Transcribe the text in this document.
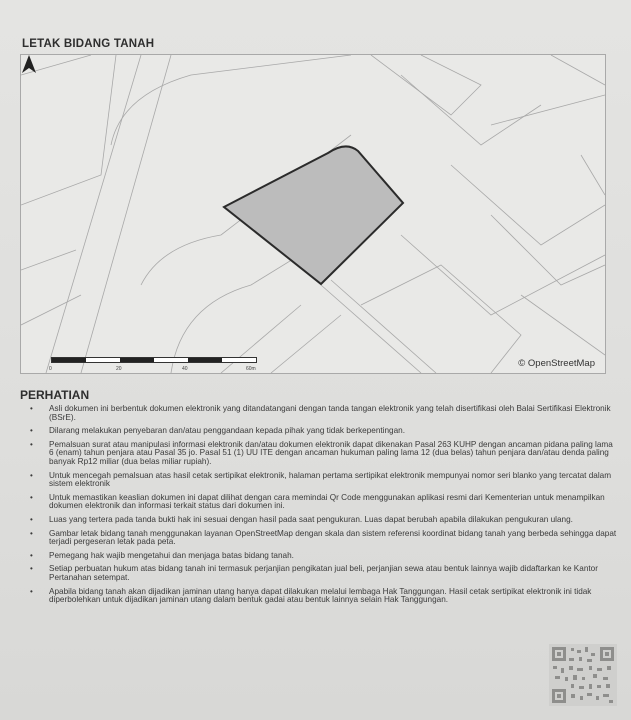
LETAK BIDANG TANAH
0	20	40	60m	© OpenStreetMap
PERHATIAN
• Asli dokumen ini berbentuk dokumen elektronik yang ditandatangani dengan tanda tangan elektronik yang telah disertifikasi oleh Balai Sertifikasi Elektronik (BSrE).
• Dilarang melakukan penyebaran dan/atau penggandaan kepada pihak yang tidak berkepentingan.
• Pemalsuan surat atau manipulasi informasi elektronik dan/atau dokumen elektronik dapat dikenakan Pasal 263 KUHP dengan ancaman pidana paling lama 6 (enam) tahun penjara atau Pasal 35 jo. Pasal 51 (1) UU ITE dengan ancaman hukuman paling lama 12 (dua belas) tahun penjara dan/atau denda paling banyak Rp12 miliar (dua belas miliar rupiah).
• Untuk mencegah pemalsuan atas hasil cetak sertipikat elektronik, halaman pertama sertipikat elektronik mempunyai nomor seri blanko yang tercatat dalam sistem elektronik
• Untuk memastikan keaslian dokumen ini dapat dilihat dengan cara memindai Qr Code menggunakan aplikasi resmi dari Kementerian untuk menampilkan dokumen elektronik dan informasi terkait status dari dokumen ini.
• Luas yang tertera pada tanda bukti hak ini sesuai dengan hasil pada saat pengukuran. Luas dapat berubah apabila dilakukan pengukuran ulang.
• Gambar letak bidang tanah menggunakan layanan OpenStreetMap dengan skala dan sistem referensi koordinat bidang tanah yang berbeda sehingga dapat terjadi pergeseran letak pada peta.
• Pemegang hak wajib mengetahui dan menjaga batas bidang tanah.
• Setiap perbuatan hukum atas bidang tanah ini termasuk perjanjian pengikatan jual beli, perjanjian sewa atau bentuk lainnya wajib didaftarkan ke Kantor Pertanahan setempat.
• Apabila bidang tanah akan dijadikan jaminan utang hanya dapat dilakukan melalui lembaga Hak Tanggungan. Hasil cetak sertipikat elektronik ini tidak diperbolehkan untuk dijadikan jaminan utang dalam bentuk gadai atau bentuk lainnya selain Hak Tanggungan.
